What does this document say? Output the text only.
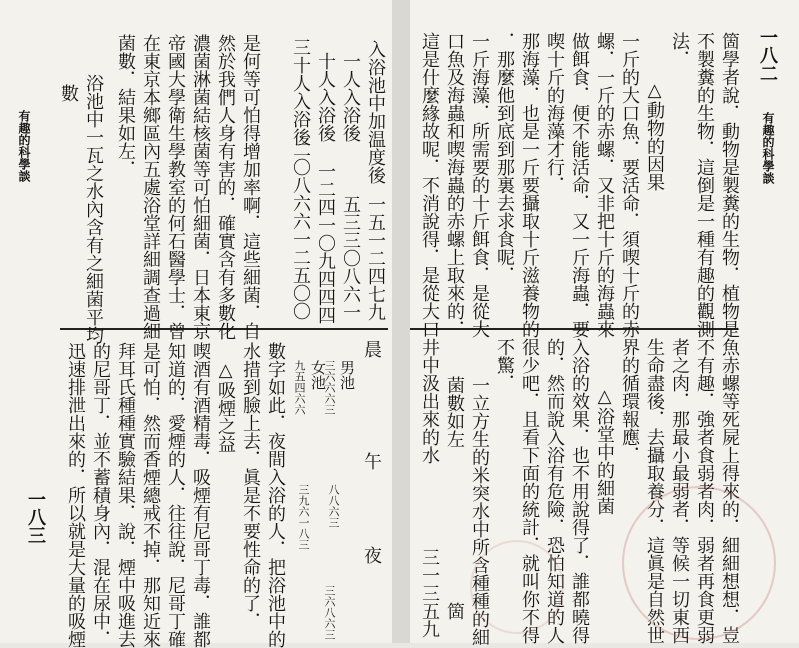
有趣的科學談
一八三
入浴池中加温度後
一人入浴後
十人入浴後
三十人入浴後
一五一二四七九
五三三〇八六一
一二四一〇九四四四
二〇八六六一二五〇〇
是何等可怕得增加率啊．這些細菌．自
然於我們人身有害的．確實含有多數化
濃菌淋菌結核菌等可怕細菌．日本東京
帝國大學衛生學教室的何石醫學士．曾
在東京本鄉區內五處浴堂詳細調查過細
菌數．結果如左．
浴池中一瓦之水內含有之細菌平均
數
晨
男池
女池
三六六六三
九五四六六
午
八八六三
三九六一八三
夜
三六八六三
數字如此．夜間入浴的人．把浴池中的
水措到臉上去．眞是不要性命的了．
△吸煙之益
喫酒有酒精毒．吸煙有尼哥丁毒．誰都
知道的．愛煙的人．往往說．尼哥丁確
是可怕．然而香煙總戒不掉．那知近來
拜耳氏種種實驗結果．說．煙中吸進去
的尼哥丁．並不蓄積身內．混在尿中．
迅速排泄出來的．所以就是大量的吸煙
有趣的科學談
一八二
箇學者說．動物是製糞的生物．植物是
不製糞的生物．這倒是一種有趣的觀測
法．
△動物的因果
一斤的大口魚．要活命．須喫十斤的赤
螺．一斤的赤螺．又非把十斤的海蟲來
做餌食．便不能活命．又一斤海蟲．要
喫十斤的海藻才行．
那海藻．也是一斤要攝取十斤滋養物的
．那麼他到底到那裏去求食呢．
一斤海藻．所需要的十斤餌食．是從大
口魚及海蟲和喫海蟲的赤螺上取來的．
這是什麼緣故呢．不消說得．是從大口
魚赤螺等死屍上得來的．細細想想．豈
不有趣．強者食弱者肉．弱者再食更弱
者之肉．那最小最弱者．等候一切東西
生命盡後．去攝取養分．這眞是自然世
界的循環報應．
△浴堂中的細菌
入浴的效果．也不用說得了．誰都曉得
的．然而說入浴有危險．恐怕知道的人
很少吧．且看下面的統計．就叫你不得
不驚．
一立方生的米突水中所含種種的細
菌數如左
井中汲出來的水
三一三五九 箇
